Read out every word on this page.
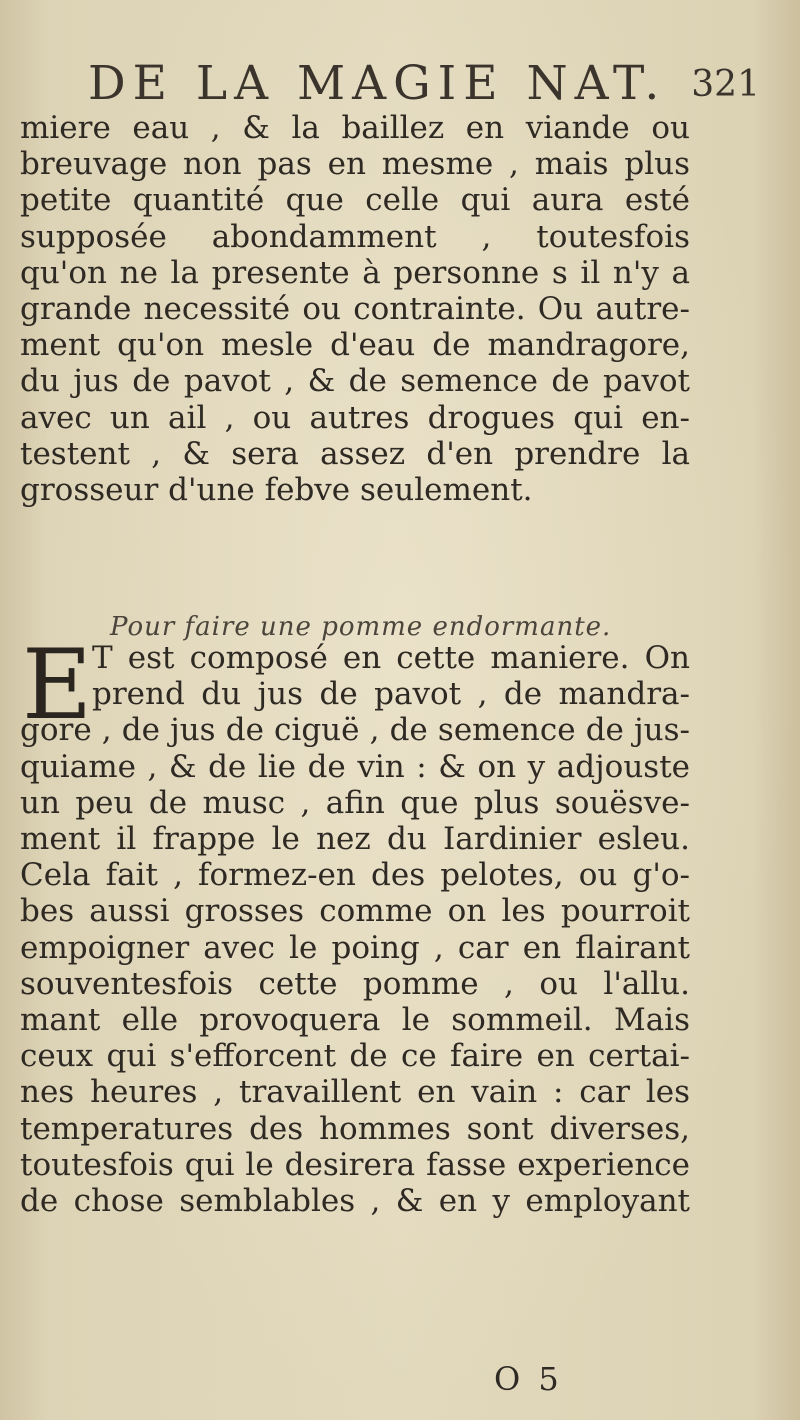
DE LA MAGIE NAT. 321
miere eau , & la baillez en viande ou
breuvage non pas en mesme , mais plus
petite quantité que celle qui aura esté
supposée abondamment , toutesfois
qu'on ne la presente à personne s il n'y a
grande necessité ou contrainte. Ou autre-
ment qu'on mesle d'eau de mandragore,
du jus de pavot , & de semence de pavot
avec un ail , ou autres drogues qui en-
testent , & sera assez d'en prendre la
grosseur d'une febve seulement.
Pour faire une pomme endormante.
E T est composé en cette maniere. On
prend du jus de pavot , de mandra-
gore , de jus de ciguë , de semence de jus-
quiame , & de lie de vin : & on y adjouste
un peu de musc , afin que plus souësve-
ment il frappe le nez du Iardinier esleu.
Cela fait , formez-en des pelotes, ou g'o-
bes aussi grosses comme on les pourroit
empoigner avec le poing , car en flairant
souventesfois cette pomme , ou l'allu.
mant elle provoquera le sommeil. Mais
ceux qui s'efforcent de ce faire en certai-
nes heures , travaillent en vain : car les
temperatures des hommes sont diverses,
toutesfois qui le desirera fasse experience
de chose semblables , & en y employant
O 5
